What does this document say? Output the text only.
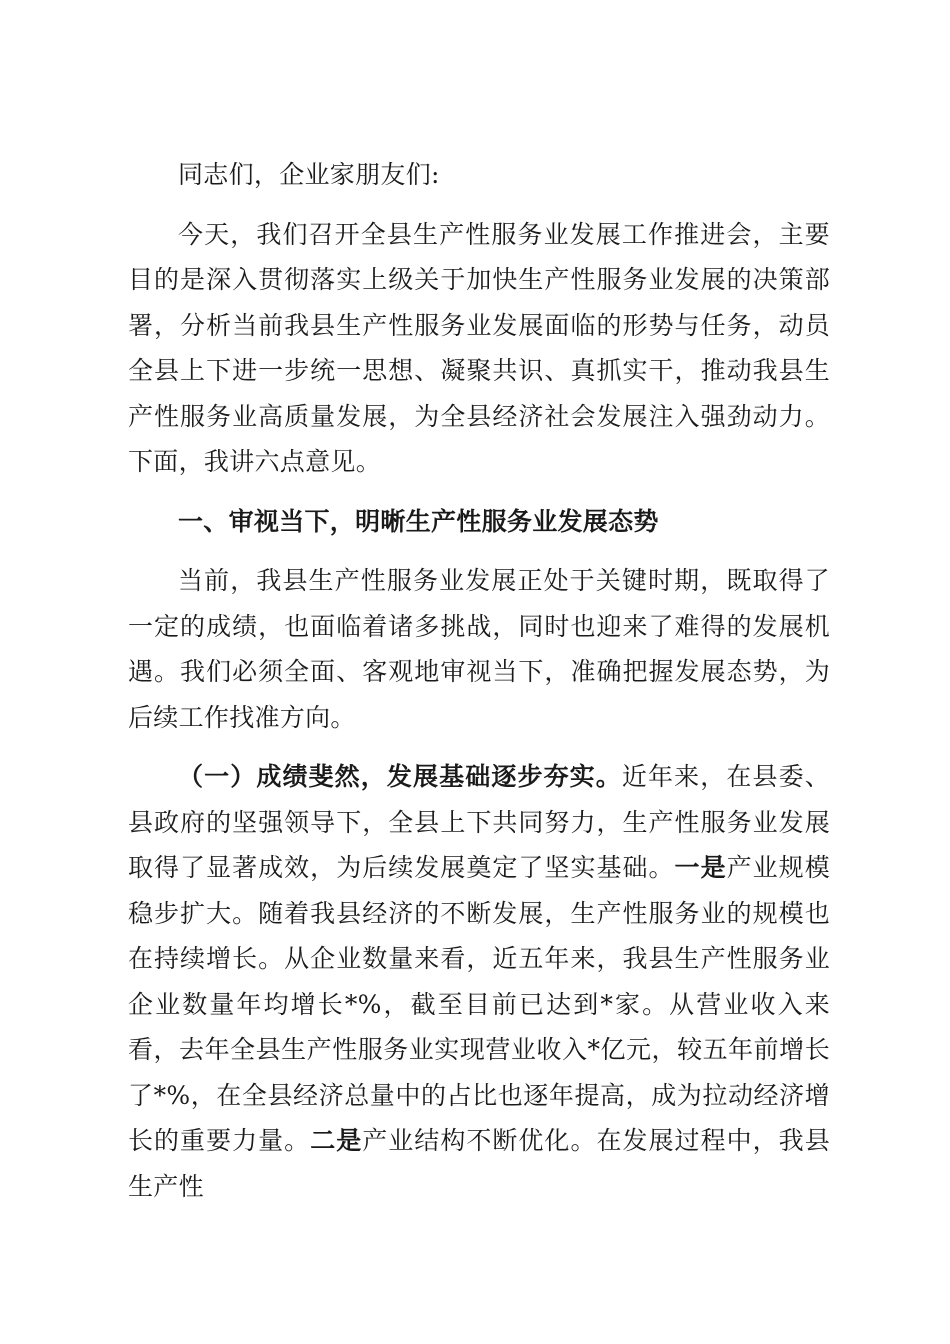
同志们，企业家朋友们:

今天，我们召开全县生产性服务业发展工作推进会，主要目的是深入贯彻落实上级关于加快生产性服务业发展的决策部署，分析当前我县生产性服务业发展面临的形势与任务，动员全县上下进一步统一思想、凝聚共识、真抓实干，推动我县生产性服务业高质量发展，为全县经济社会发展注入强劲动力。下面，我讲六点意见。

一、审视当下，明晰生产性服务业发展态势

当前，我县生产性服务业发展正处于关键时期，既取得了一定的成绩，也面临着诸多挑战，同时也迎来了难得的发展机遇。我们必须全面、客观地审视当下，准确把握发展态势，为后续工作找准方向。

（一）成绩斐然，发展基础逐步夯实。近年来，在县委、县政府的坚强领导下，全县上下共同努力，生产性服务业发展取得了显著成效，为后续发展奠定了坚实基础。一是产业规模稳步扩大。随着我县经济的不断发展，生产性服务业的规模也在持续增长。从企业数量来看，近五年来，我县生产性服务业企业数量年均增长*%，截至目前已达到*家。从营业收入来看，去年全县生产性服务业实现营业收入*亿元，较五年前增长了*%，在全县经济总量中的占比也逐年提高，成为拉动经济增长的重要力量。二是产业结构不断优化。在发展过程中，我县生产性
